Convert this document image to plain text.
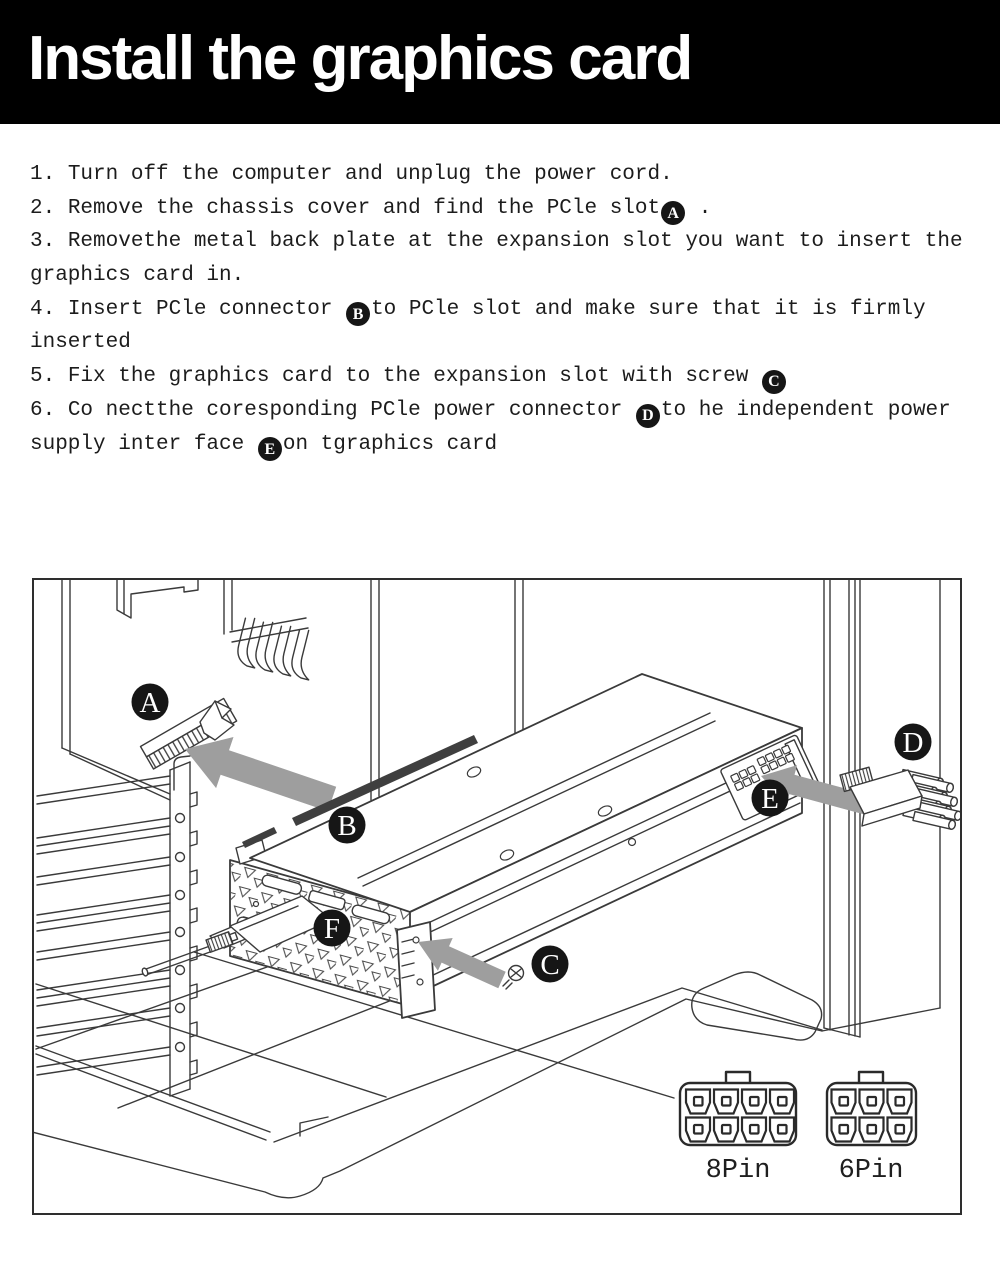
Install the graphics card
1. Turn off the computer and unplug the power cord.
2. Remove the chassis cover and find the PCle slot A .
3. Removethe metal back plate at the expansion slot you want to insert the graphics card in.
4. Insert PCle connector B to PCle slot and make sure that it is firmly inserted
5. Fix the graphics card to the expansion slot with screw C
6. Co nectthe coresponding PCle power connector D to he independent power supply inter face E on tgraphics card
8Pin	6Pin
A
B
C
D
E
F
